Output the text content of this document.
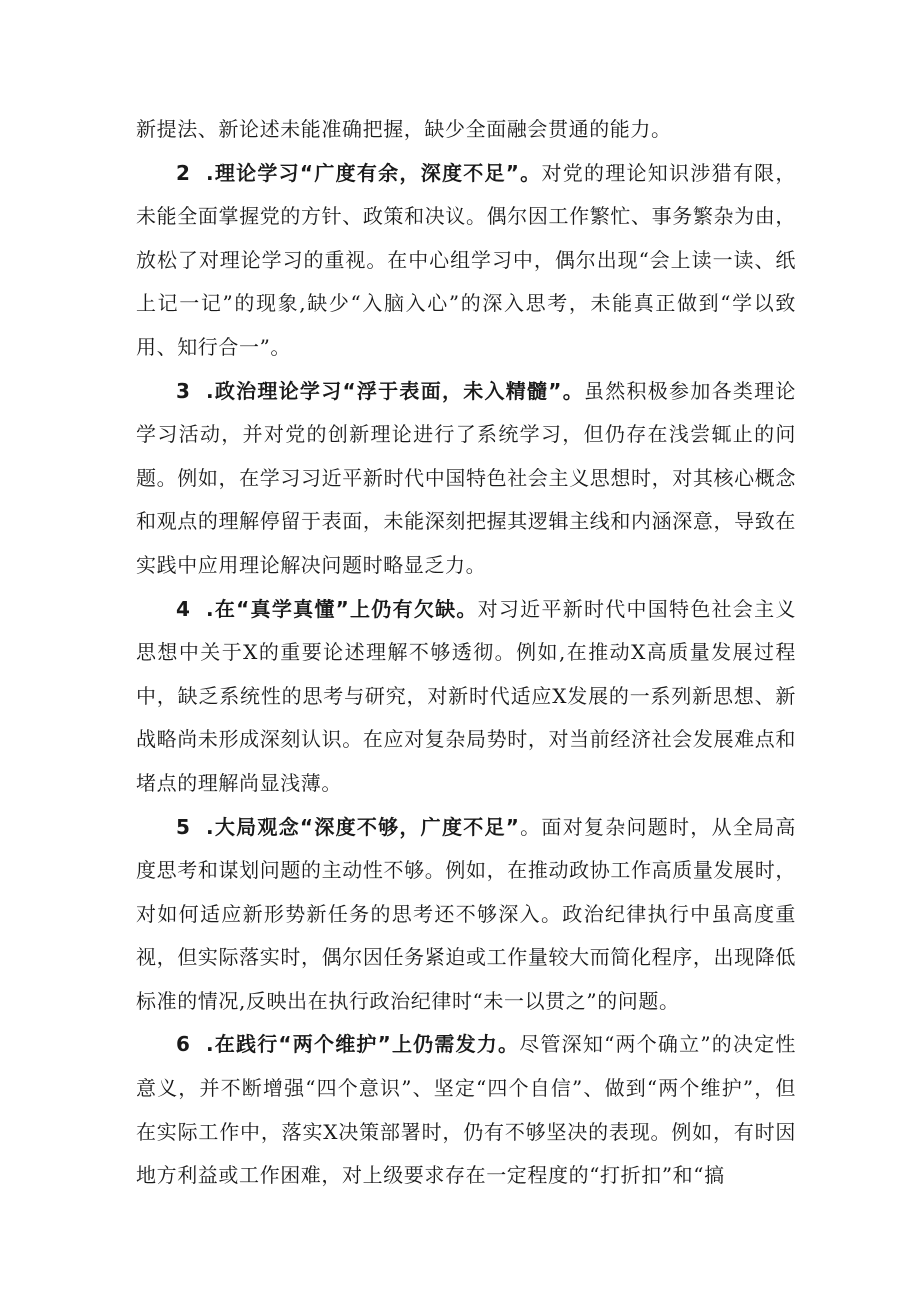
新提法、新论述未能准确把握，缺少全面融会贯通的能力。

2 .理论学习“广度有余，深度不足”。对党的理论知识涉猎有限，未能全面掌握党的方针、政策和决议。偶尔因工作繁忙、事务繁杂为由，放松了对理论学习的重视。在中心组学习中，偶尔出现“会上读一读、纸上记一记”的现象,缺少“入脑入心”的深入思考，未能真正做到“学以致用、知行合一”。

3 .政治理论学习“浮于表面，未入精髓”。虽然积极参加各类理论学习活动，并对党的创新理论进行了系统学习，但仍存在浅尝辄止的问题。例如，在学习习近平新时代中国特色社会主义思想时，对其核心概念和观点的理解停留于表面，未能深刻把握其逻辑主线和内涵深意，导致在实践中应用理论解决问题时略显乏力。

4 .在“真学真懂”上仍有欠缺。对习近平新时代中国特色社会主义思想中关于X的重要论述理解不够透彻。例如,在推动X高质量发展过程中，缺乏系统性的思考与研究，对新时代适应X发展的一系列新思想、新战略尚未形成深刻认识。在应对复杂局势时，对当前经济社会发展难点和堵点的理解尚显浅薄。

5 .大局观念“深度不够，广度不足”。面对复杂问题时，从全局高度思考和谋划问题的主动性不够。例如，在推动政协工作高质量发展时，对如何适应新形势新任务的思考还不够深入。政治纪律执行中虽高度重视，但实际落实时，偶尔因任务紧迫或工作量较大而简化程序，出现降低标准的情况,反映出在执行政治纪律时“未一以贯之”的问题。

6 .在践行“两个维护”上仍需发力。尽管深知“两个确立”的决定性意义，并不断增强“四个意识”、坚定“四个自信”、做到“两个维护”，但在实际工作中，落实X决策部署时，仍有不够坚决的表现。例如，有时因地方利益或工作困难，对上级要求存在一定程度的“打折扣”和“搞
